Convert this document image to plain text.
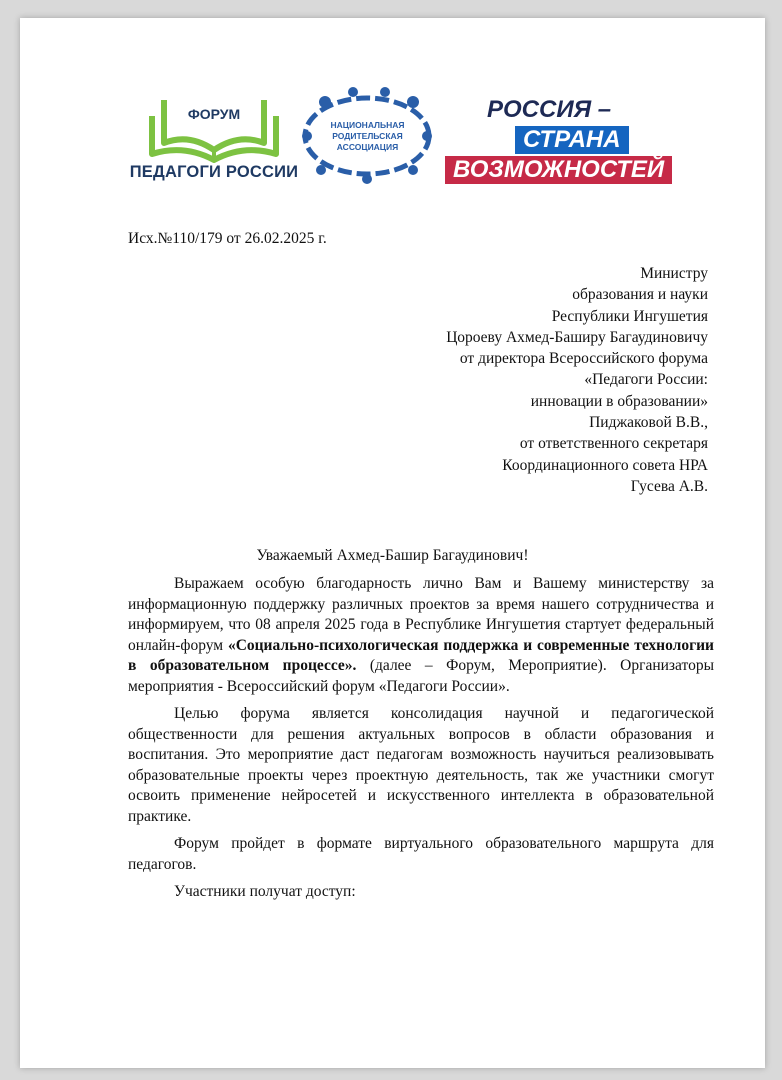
ФОРУМ
ПЕДАГОГИ РОССИИ
НАЦИОНАЛЬНАЯ
РОДИТЕЛЬСКАЯ
АССОЦИАЦИЯ
РОССИЯ –
СТРАНА
ВОЗМОЖНОСТЕЙ
Исх.№110/179 от 26.02.2025 г.
Министру
образования и науки
Республики Ингушетия
Цороеву Ахмед-Баширу Багаудиновичу
от директора Всероссийского форума
«Педагоги России:
инновации в образовании»
Пиджаковой В.В.,
от ответственного секретаря
Координационного совета НРА
Гусева А.В.
Уважаемый Ахмед-Башир Багаудинович!

Выражаем особую благодарность лично Вам и Вашему министерству за информационную поддержку различных проектов за время нашего сотрудничества и информируем, что 08 апреля 2025 года в Республике Ингушетия стартует федеральный онлайн-форум «Социально-психологическая поддержка и современные технологии в образовательном процессе». (далее – Форум, Мероприятие). Организаторы мероприятия - Всероссийский форум «Педагоги России».

Целью форума является консолидация научной и педагогической общественности для решения актуальных вопросов в области образования и воспитания. Это мероприятие даст педагогам возможность научиться реализовывать образовательные проекты через проектную деятельность, так же участники смогут освоить применение нейросетей и искусственного интеллекта в образовательной практике.

Форум пройдет в формате виртуального образовательного маршрута для педагогов.

Участники получат доступ:
